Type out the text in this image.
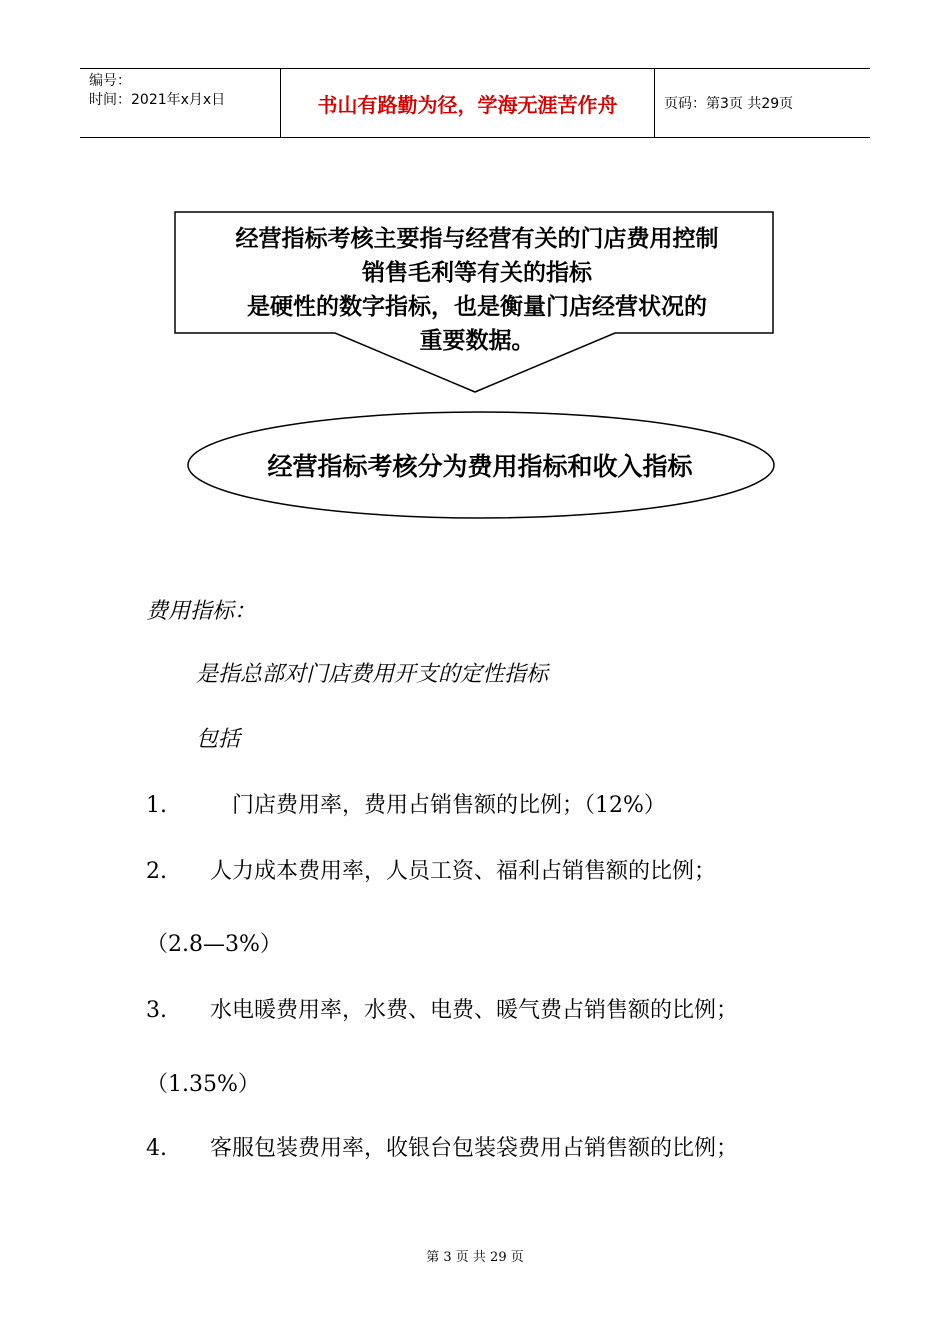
编号：
时间：2021年x月x日	书山有路勤为径，学海无涯苦作舟	页码：第3页 共29页
经营指标考核主要指与经营有关的门店费用控制
销售毛利等有关的指标
是硬性的数字指标，也是衡量门店经营状况的
重要数据。
经营指标考核分为费用指标和收入指标
费用指标：
是指总部对门店费用开支的定性指标
包括
1.	门店费用率，费用占销售额的比例；（12%）
2. 人力成本费用率，人员工资、福利占销售额的比例；
（2.8—3%）
3. 水电暖费用率，水费、电费、暖气费占销售额的比例；
（1.35%）
4. 客服包装费用率，收银台包装袋费用占销售额的比例；
第 3 页 共 29 页
